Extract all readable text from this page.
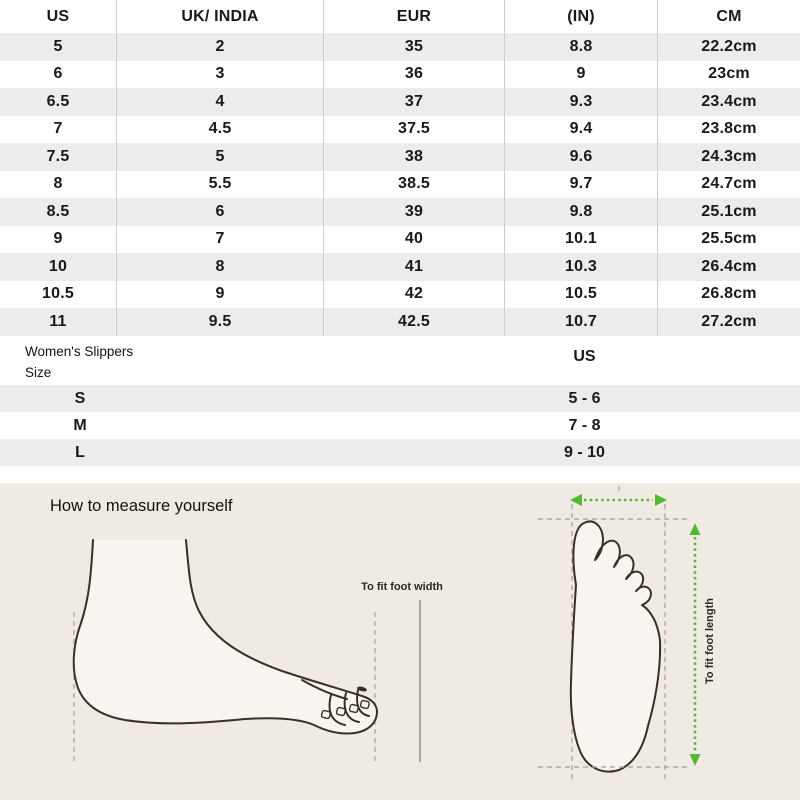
US	UK/ INDIA	EUR	(IN)	CM
5	2	35	8.8	22.2cm
6	3	36	9	23cm
6.5	4	37	9.3	23.4cm
7	4.5	37.5	9.4	23.8cm
7.5	5	38	9.6	24.3cm
8	5.5	38.5	9.7	24.7cm
8.5	6	39	9.8	25.1cm
9	7	40	10.1	25.5cm
10	8	41	10.3	26.4cm
10.5	9	42	10.5	26.8cm
11	9.5	42.5	10.7	27.2cm
Women's Slippers
Size
US
S	5 - 6
M	7 - 8
L	9 - 10
How to measure yourself
To fit foot width
To fit foot length
